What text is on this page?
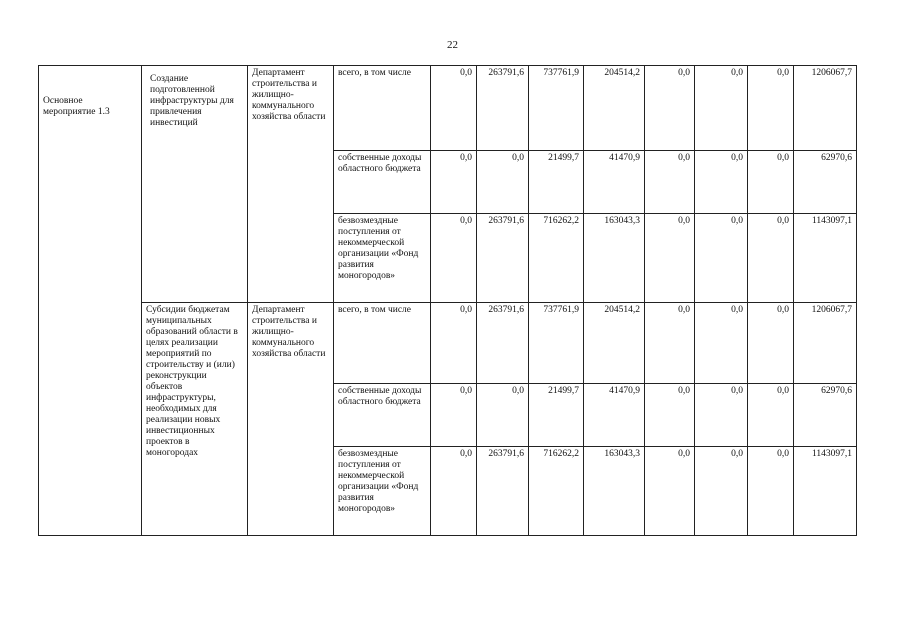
22
Основное мероприятие 1.3	Создание подготовленной инфраструктуры для привлечения инвестиций	Департамент строительства и жилищно-коммунального хозяйства области	всего, в том числе	0,0	263791,6	737761,9	204514,2	0,0	0,0	0,0	1206067,7
			собственные доходы областного бюджета	0,0	0,0	21499,7	41470,9	0,0	0,0	0,0	62970,6
			безвозмездные поступления от некоммерческой организации «Фонд развития моногородов»	0,0	263791,6	716262,2	163043,3	0,0	0,0	0,0	1143097,1
	Субсидии бюджетам муниципальных образований области в целях реализации мероприятий по строительству и (или) реконструкции объектов инфраструктуры, необходимых для реализации новых инвестиционных проектов в моногородах	Департамент строительства и жилищно-коммунального хозяйства области	всего, в том числе	0,0	263791,6	737761,9	204514,2	0,0	0,0	0,0	1206067,7
			собственные доходы областного бюджета	0,0	0,0	21499,7	41470,9	0,0	0,0	0,0	62970,6
			безвозмездные поступления от некоммерческой организации «Фонд развития моногородов»	0,0	263791,6	716262,2	163043,3	0,0	0,0	0,0	1143097,1
